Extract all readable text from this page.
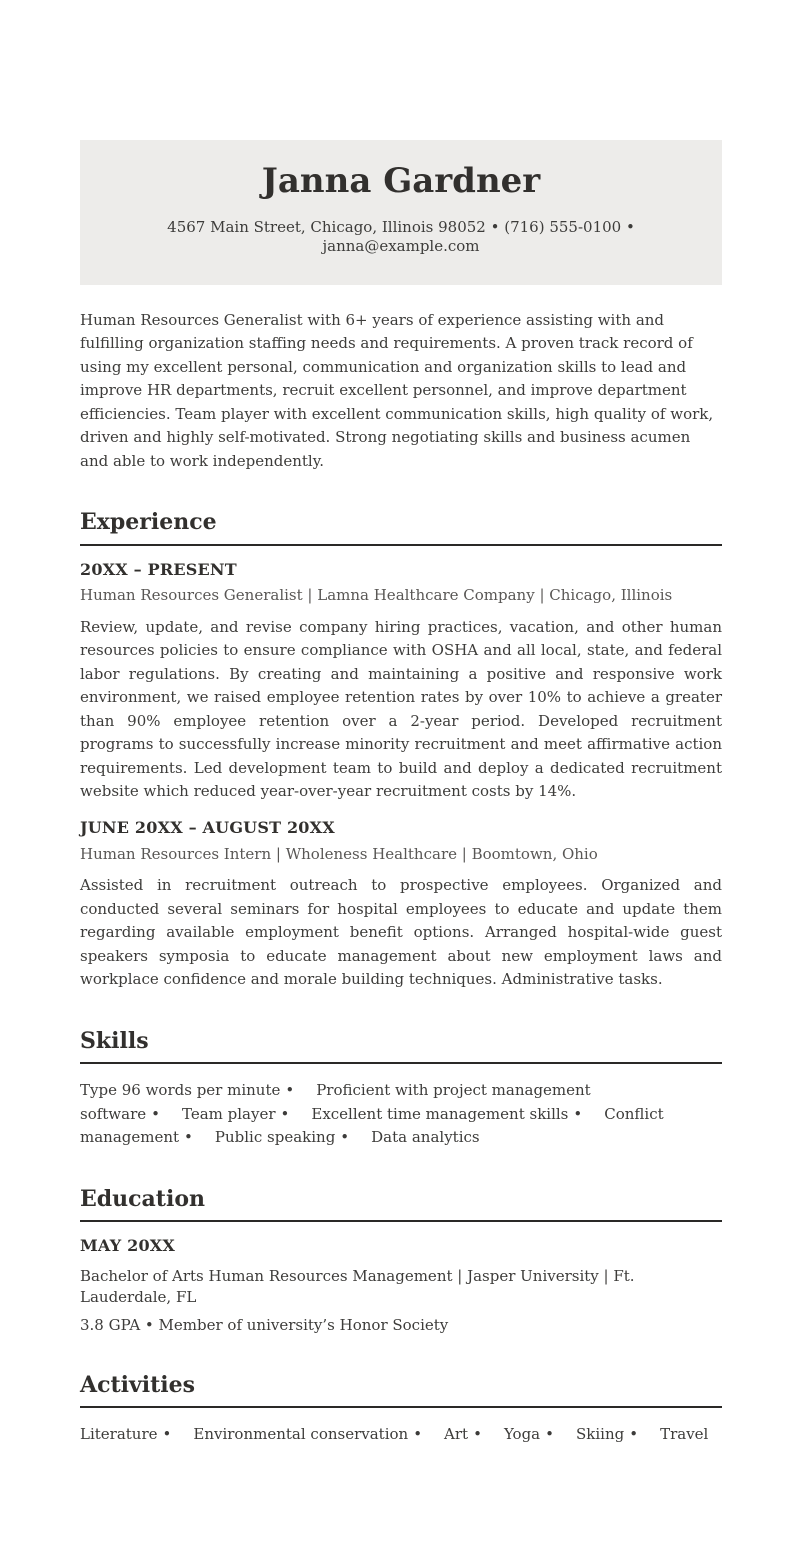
Janna Gardner
4567 Main Street, Chicago, Illinois 98052 • (716) 555-0100 • janna@example.com

Human Resources Generalist with 6+ years of experience assisting with and fulfilling organization staffing needs and requirements. A proven track record of using my excellent personal, communication and organization skills to lead and improve HR departments, recruit excellent personnel, and improve department efficiencies. Team player with excellent communication skills, high quality of work, driven and highly self-motivated. Strong negotiating skills and business acumen and able to work independently.

Experience
20XX – PRESENT
Human Resources Generalist | Lamna Healthcare Company | Chicago, Illinois

Review, update, and revise company hiring practices, vacation, and other human resources policies to ensure compliance with OSHA and all local, state, and federal labor regulations. By creating and maintaining a positive and responsive work environment, we raised employee retention rates by over 10% to achieve a greater than 90% employee retention over a 2-year period. Developed recruitment programs to successfully increase minority recruitment and meet affirmative action requirements. Led development team to build and deploy a dedicated recruitment website which reduced year-over-year recruitment costs by 14%.

JUNE 20XX – AUGUST 20XX
Human Resources Intern | Wholeness Healthcare | Boomtown, Ohio

Assisted in recruitment outreach to prospective employees. Organized and conducted several seminars for hospital employees to educate and update them regarding available employment benefit options. Arranged hospital-wide guest speakers symposia to educate management about new employment laws and workplace confidence and morale building techniques. Administrative tasks.

Skills

Type 96 words per minute • Proficient with project management software • Team player • Excellent time management skills • Conflict management • Public speaking • Data analytics

Education
MAY 20XX
Bachelor of Arts Human Resources Management | Jasper University | Ft. Lauderdale, FL
3.8 GPA • Member of university’s Honor Society
Activities

Literature • Environmental conservation • Art • Yoga • Skiing • Travel
